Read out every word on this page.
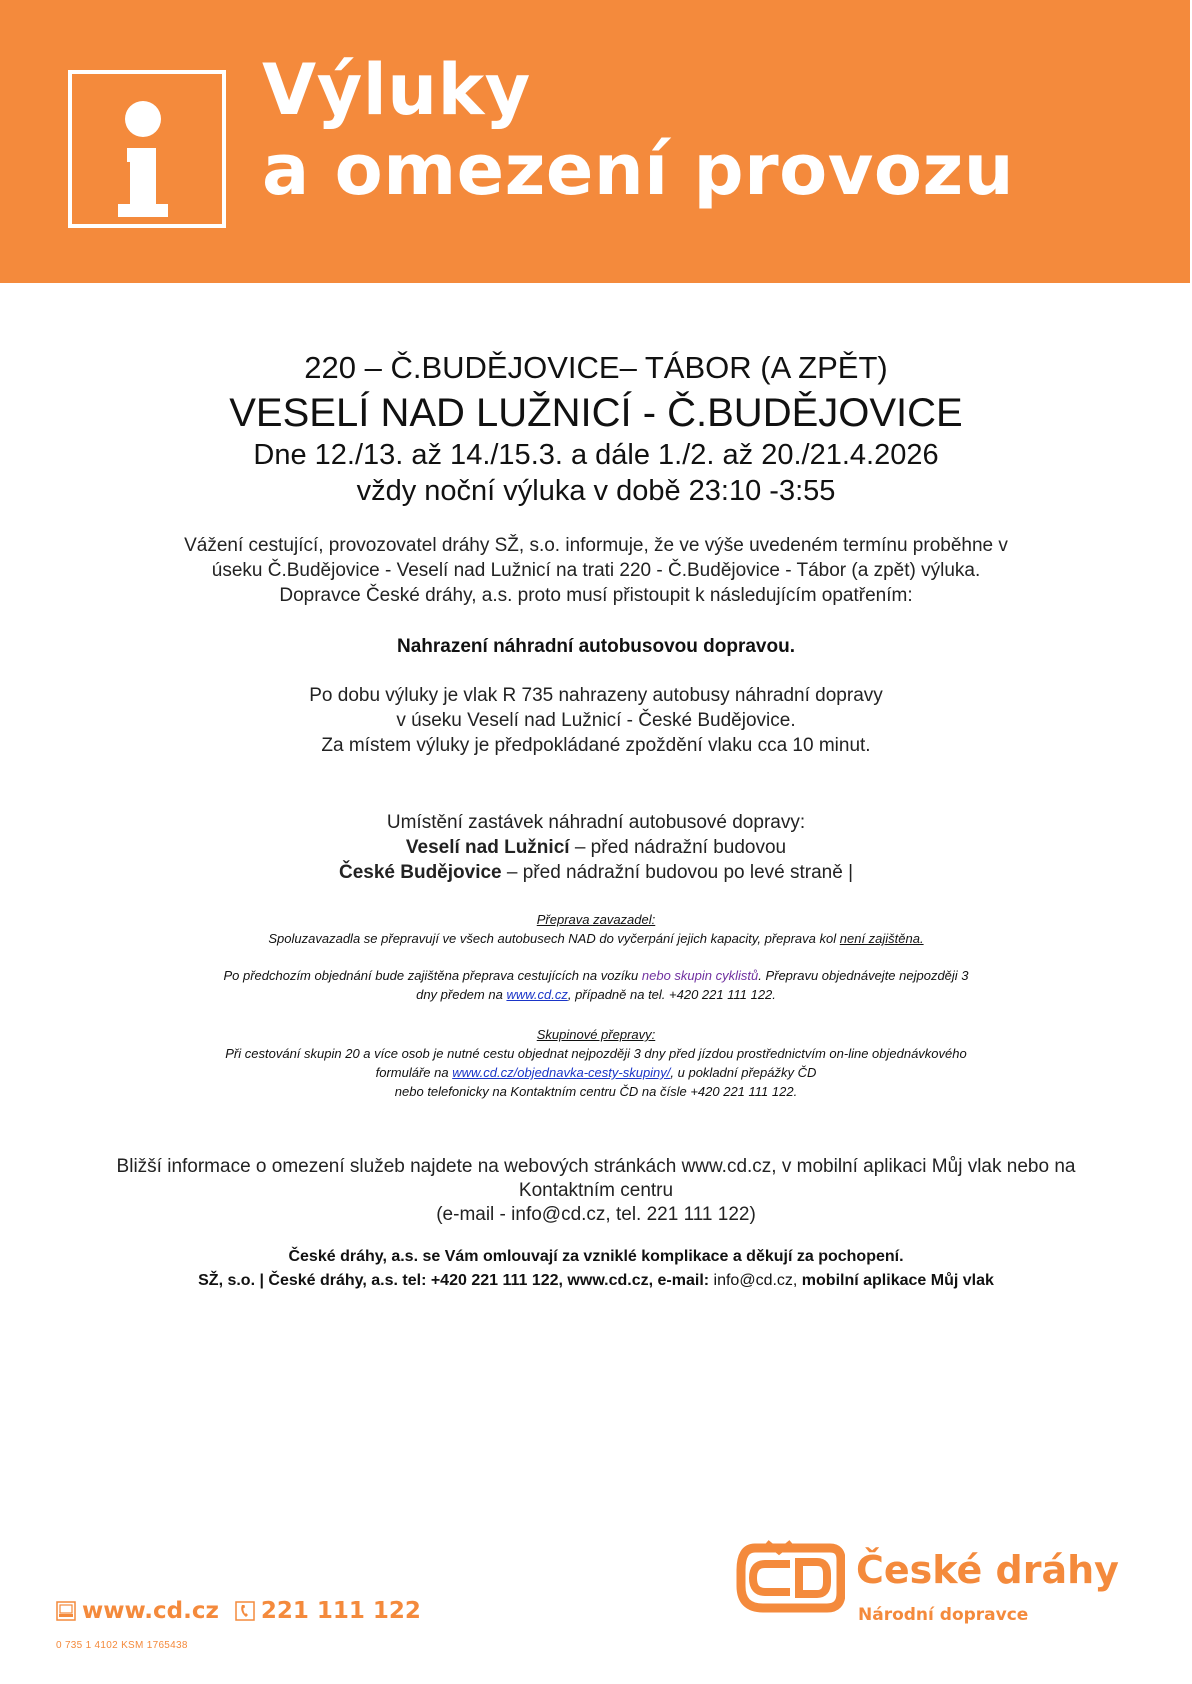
Výluky
a omezení provozu
220 – Č.BUDĚJOVICE– TÁBOR (A ZPĚT)
VESELÍ NAD LUŽNICÍ - Č.BUDĚJOVICE
Dne 12./13. až 14./15.3. a dále 1./2. až 20./21.4.2026
vždy noční výluka v době 23:10 -3:55
Vážení cestující, provozovatel dráhy SŽ, s.o. informuje, že ve výše uvedeném termínu proběhne v
úseku Č.Budějovice - Veselí nad Lužnicí na trati 220 - Č.Budějovice - Tábor (a zpět) výluka.
Dopravce České dráhy, a.s. proto musí přistoupit k následujícím opatřením:
Nahrazení náhradní autobusovou dopravou.
Po dobu výluky je vlak R 735 nahrazeny autobusy náhradní dopravy
v úseku Veselí nad Lužnicí - České Budějovice.
Za místem výluky je předpokládané zpoždění vlaku cca 10 minut.
Umístění zastávek náhradní autobusové dopravy:
Veselí nad Lužnicí – před nádražní budovou
České Budějovice – před nádražní budovou po levé straně |
Přeprava zavazadel:
Spoluzavazadla se přepravují ve všech autobusech NAD do vyčerpání jejich kapacity, přeprava kol není zajištěna.
Po předchozím objednání bude zajištěna přeprava cestujících na vozíku nebo skupin cyklistů. Přepravu objednávejte nejpozději 3
dny předem na www.cd.cz, případně na tel. +420 221 111 122.
Skupinové přepravy:
Při cestování skupin 20 a více osob je nutné cestu objednat nejpozději 3 dny před jízdou prostřednictvím on-line objednávkového
formuláře na www.cd.cz/objednavka-cesty-skupiny/, u pokladní přepážky ČD
nebo telefonicky na Kontaktním centru ČD na čísle +420 221 111 122.
Bližší informace o omezení služeb najdete na webových stránkách www.cd.cz, v mobilní aplikaci Můj vlak nebo na
Kontaktním centru
(e-mail - info@cd.cz, tel. 221 111 122)
České dráhy, a.s. se Vám omlouvají za vzniklé komplikace a děkují za pochopení.
SŽ, s.o. | České dráhy, a.s. tel: +420 221 111 122, www.cd.cz, e-mail: info@cd.cz, mobilní aplikace Můj vlak
www.cd.cz 221 111 122
0 735 1 4102 KSM 1765438
České dráhy
Národní dopravce
